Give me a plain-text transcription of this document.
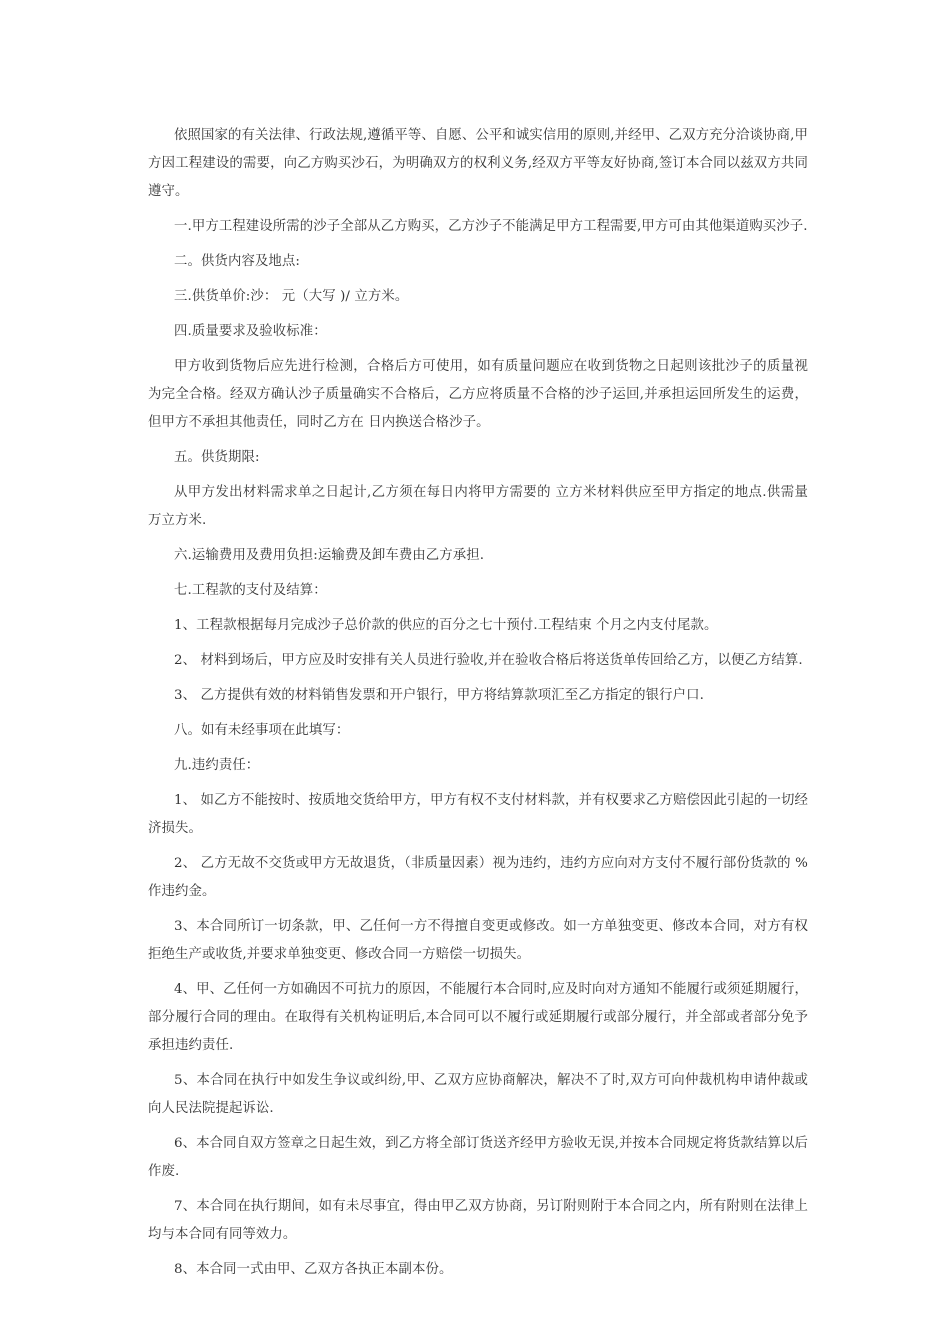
依照国家的有关法律、行政法规,遵循平等、自愿、公平和诚实信用的原则,并经甲、乙双方充分洽谈协商,甲方因工程建设的需要，向乙方购买沙石，为明确双方的权利义务,经双方平等友好协商,签订本合同以兹双方共同遵守。

一.甲方工程建设所需的沙子全部从乙方购买，乙方沙子不能满足甲方工程需要,甲方可由其他渠道购买沙子.

二。供货内容及地点:

三.供货单价:沙： 元（大写 )/ 立方米。

四.质量要求及验收标准：

甲方收到货物后应先进行检测，合格后方可使用，如有质量问题应在收到货物之日起则该批沙子的质量视为完全合格。经双方确认沙子质量确实不合格后，乙方应将质量不合格的沙子运回,并承担运回所发生的运费，但甲方不承担其他责任，同时乙方在 日内换送合格沙子。

五。供货期限:

从甲方发出材料需求单之日起计,乙方须在每日内将甲方需要的 立方米材料供应至甲方指定的地点.供需量 万立方米.

六.运输费用及费用负担:运输费及卸车费由乙方承担.

七.工程款的支付及结算：

1、工程款根据每月完成沙子总价款的供应的百分之七十预付.工程结束 个月之内支付尾款。

2、 材料到场后，甲方应及时安排有关人员进行验收,并在验收合格后将送货单传回给乙方，以便乙方结算.

3、 乙方提供有效的材料销售发票和开户银行，甲方将结算款项汇至乙方指定的银行户口.

八。如有未经事项在此填写：

九.违约责任：

1、 如乙方不能按时、按质地交货给甲方，甲方有权不支付材料款，并有权要求乙方赔偿因此引起的一切经济损失。

2、 乙方无故不交货或甲方无故退货，（非质量因素）视为违约，违约方应向对方支付不履行部份货款的 %作违约金。

3、本合同所订一切条款，甲、乙任何一方不得擅自变更或修改。如一方单独变更、修改本合同，对方有权拒绝生产或收货,并要求单独变更、修改合同一方赔偿一切损失。

4、甲、乙任何一方如确因不可抗力的原因，不能履行本合同时,应及时向对方通知不能履行或须延期履行，部分履行合同的理由。在取得有关机构证明后,本合同可以不履行或延期履行或部分履行，并全部或者部分免予承担违约责任.

5、本合同在执行中如发生争议或纠纷,甲、乙双方应协商解决，解决不了时,双方可向仲裁机构申请仲裁或向人民法院提起诉讼.

6、本合同自双方签章之日起生效，到乙方将全部订货送齐经甲方验收无误,并按本合同规定将货款结算以后作废.

7、本合同在执行期间，如有未尽事宜，得由甲乙双方协商，另订附则附于本合同之内，所有附则在法律上均与本合同有同等效力。

8、本合同一式由甲、乙双方各执正本副本份。
